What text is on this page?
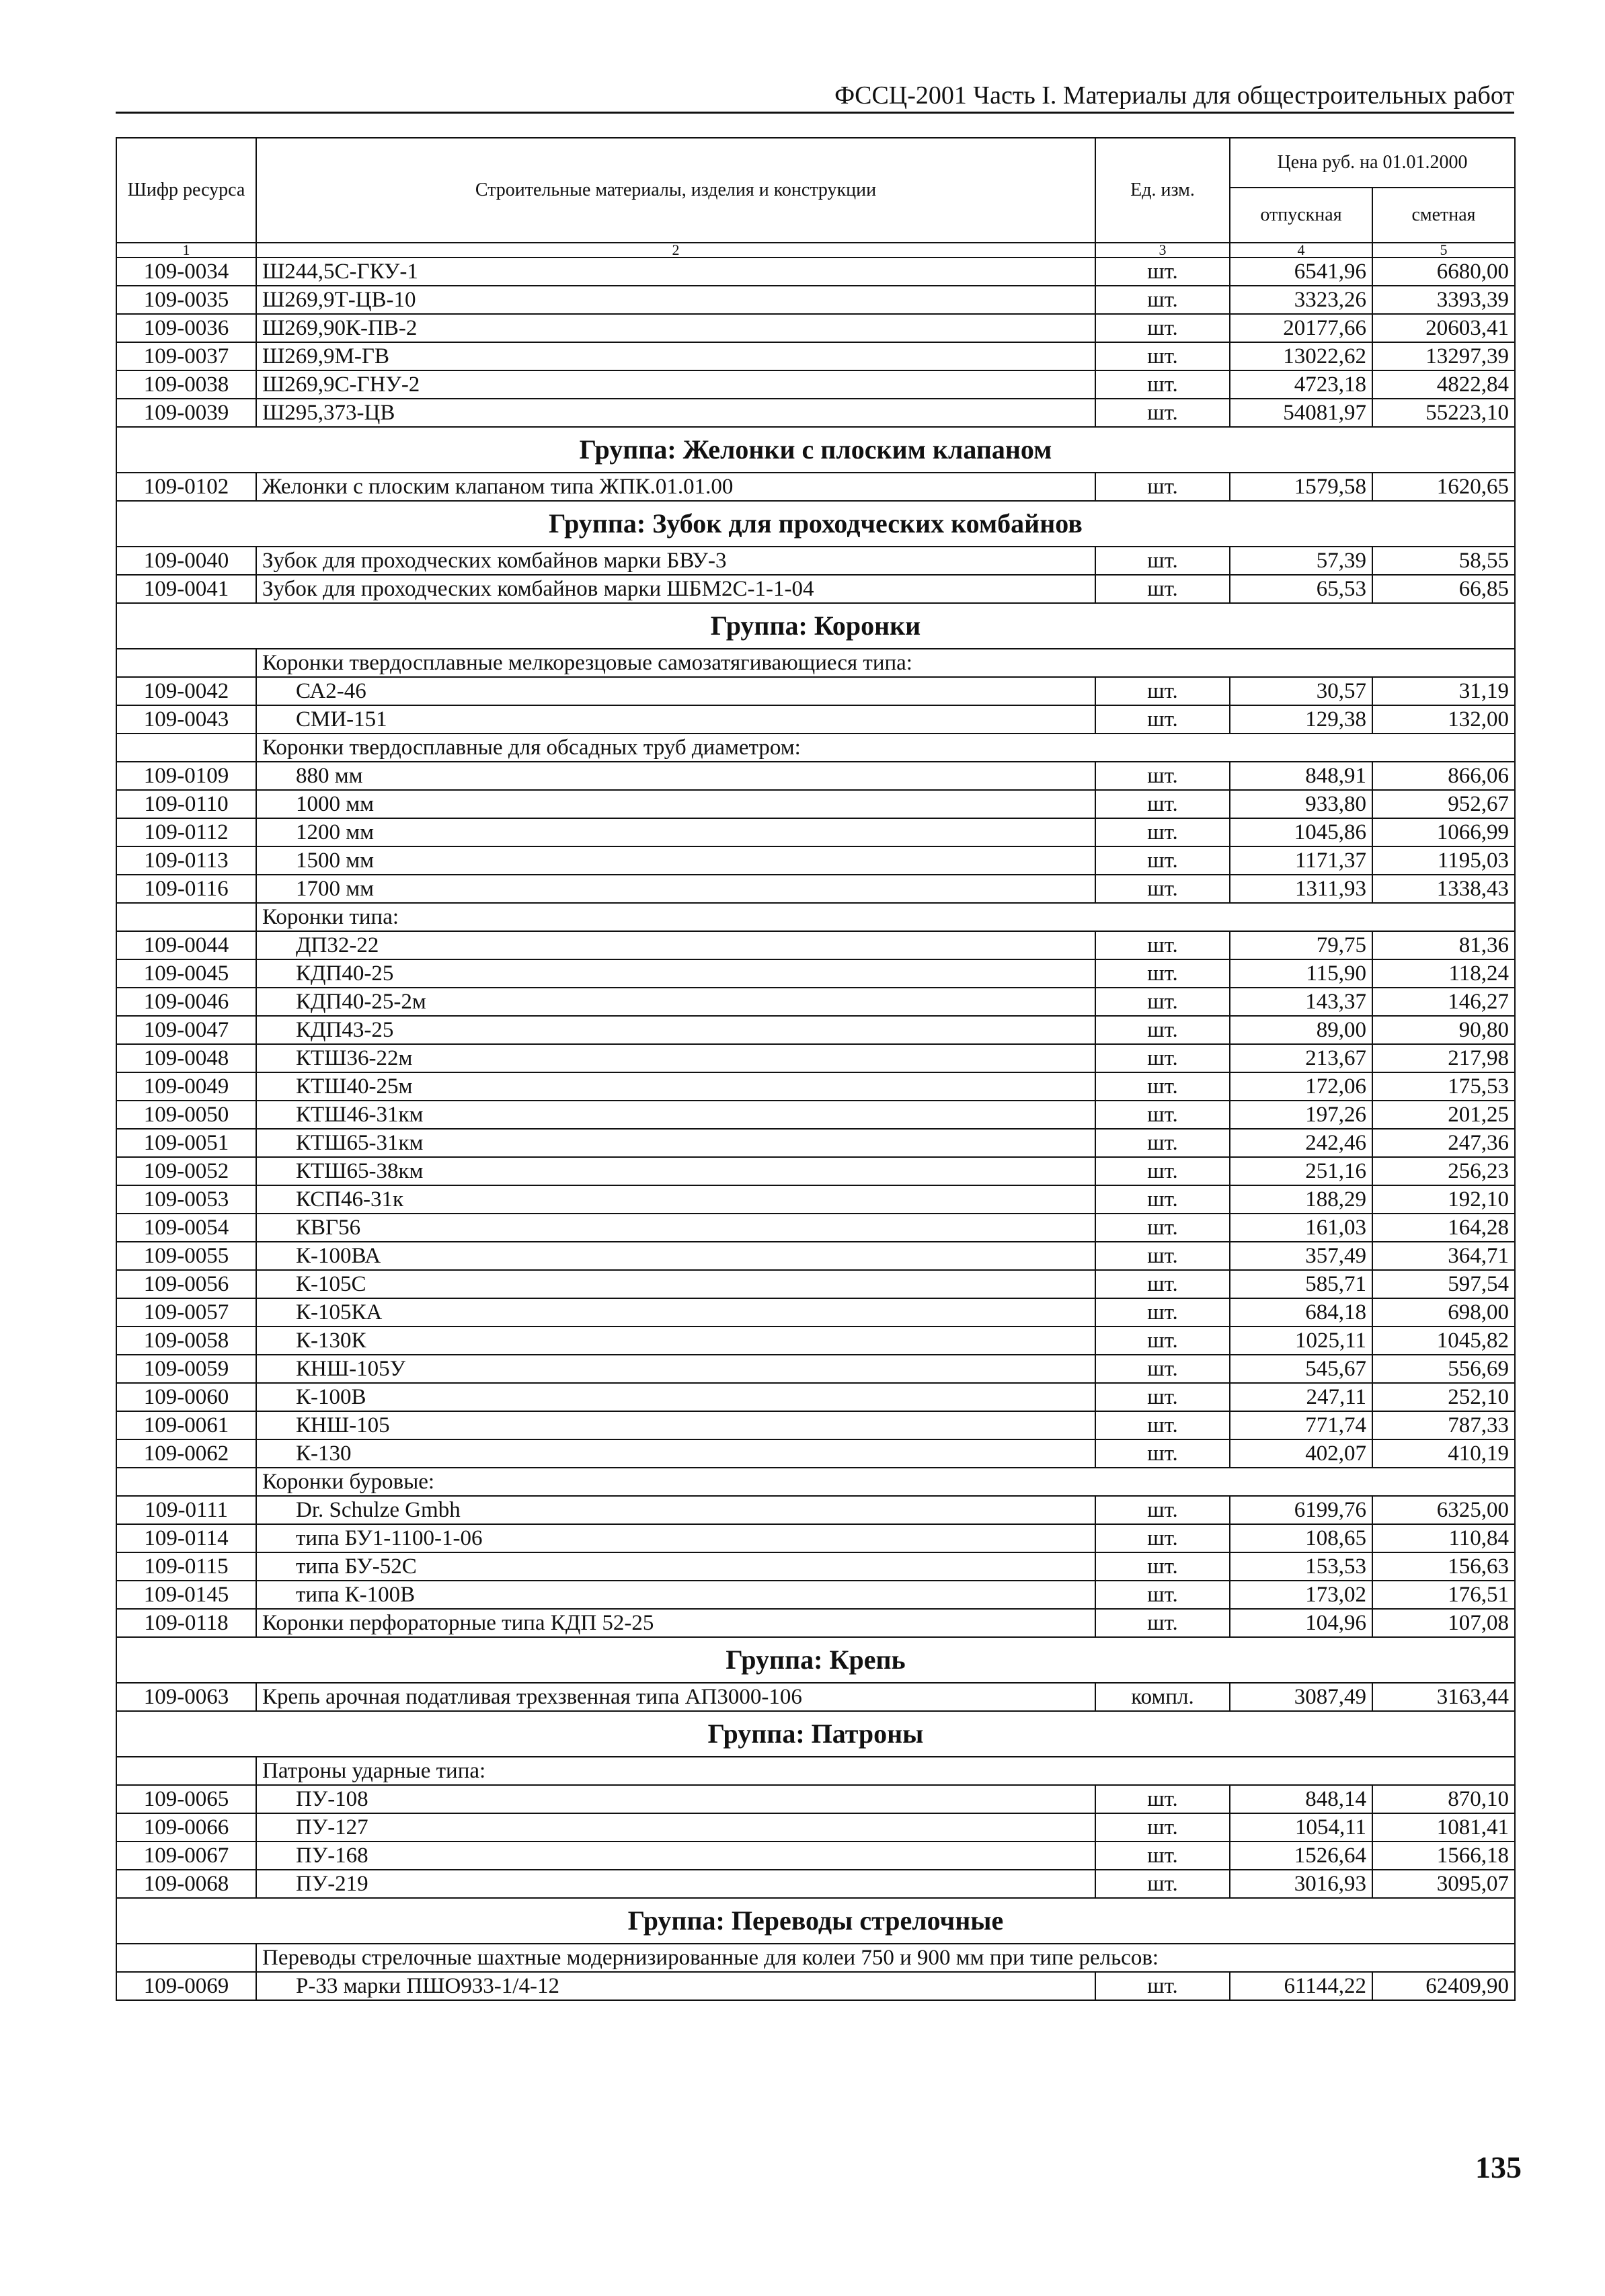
ФССЦ-2001 Часть I. Материалы для общестроительных работ
Шифр ресурса	Строительные материалы, изделия и конструкции	Ед. изм.	Цена руб. на 01.01.2000	
			отпускная	сметная
1	2	3	4	5
109-0034	Ш244,5С-ГКУ-1	шт.	6541,96	6680,00
109-0035	Ш269,9Т-ЦВ-10	шт.	3323,26	3393,39
109-0036	Ш269,90К-ПВ-2	шт.	20177,66	20603,41
109-0037	Ш269,9М-ГВ	шт.	13022,62	13297,39
109-0038	Ш269,9С-ГНУ-2	шт.	4723,18	4822,84
109-0039	Ш295,373-ЦВ	шт.	54081,97	55223,10
Группа: Желонки с плоским клапаном				
109-0102	Желонки с плоским клапаном типа ЖПК.01.01.00	шт.	1579,58	1620,65
Группа: Зубок для проходческих комбайнов				
109-0040	Зубок для проходческих комбайнов марки БВУ-3	шт.	57,39	58,55
109-0041	Зубок для проходческих комбайнов марки ШБМ2С-1-1-04	шт.	65,53	66,85
Группа: Коронки				
	Коронки твердосплавные мелкорезцовые самозатягивающиеся типа:			
109-0042	СА2-46	шт.	30,57	31,19
109-0043	СМИ-151	шт.	129,38	132,00
	Коронки твердосплавные для обсадных труб диаметром:			
109-0109	880 мм	шт.	848,91	866,06
109-0110	1000 мм	шт.	933,80	952,67
109-0112	1200 мм	шт.	1045,86	1066,99
109-0113	1500 мм	шт.	1171,37	1195,03
109-0116	1700 мм	шт.	1311,93	1338,43
	Коронки типа:			
109-0044	ДП32-22	шт.	79,75	81,36
109-0045	КДП40-25	шт.	115,90	118,24
109-0046	КДП40-25-2м	шт.	143,37	146,27
109-0047	КДП43-25	шт.	89,00	90,80
109-0048	КТШ36-22м	шт.	213,67	217,98
109-0049	КТШ40-25м	шт.	172,06	175,53
109-0050	КТШ46-31км	шт.	197,26	201,25
109-0051	КТШ65-31км	шт.	242,46	247,36
109-0052	КТШ65-38км	шт.	251,16	256,23
109-0053	КСП46-31к	шт.	188,29	192,10
109-0054	КВГ56	шт.	161,03	164,28
109-0055	К-100ВА	шт.	357,49	364,71
109-0056	К-105С	шт.	585,71	597,54
109-0057	К-105КА	шт.	684,18	698,00
109-0058	К-130К	шт.	1025,11	1045,82
109-0059	КНШ-105У	шт.	545,67	556,69
109-0060	К-100В	шт.	247,11	252,10
109-0061	КНШ-105	шт.	771,74	787,33
109-0062	К-130	шт.	402,07	410,19
	Коронки буровые:			
109-0111	Dr. Schulze Gmbh	шт.	6199,76	6325,00
109-0114	типа БУ1-1100-1-06	шт.	108,65	110,84
109-0115	типа БУ-52С	шт.	153,53	156,63
109-0145	типа К-100В	шт.	173,02	176,51
109-0118	Коронки перфораторные типа КДП 52-25	шт.	104,96	107,08
Группа: Крепь				
109-0063	Крепь арочная податливая трехзвенная типа АП3000-106	компл.	3087,49	3163,44
Группа: Патроны				
	Патроны ударные типа:			
109-0065	ПУ-108	шт.	848,14	870,10
109-0066	ПУ-127	шт.	1054,11	1081,41
109-0067	ПУ-168	шт.	1526,64	1566,18
109-0068	ПУ-219	шт.	3016,93	3095,07
Группа: Переводы стрелочные				
	Переводы стрелочные шахтные модернизированные для колеи 750 и 900 мм при типе рельсов:			
109-0069	Р-33 марки ПШО933-1/4-12	шт.	61144,22	62409,90
135
